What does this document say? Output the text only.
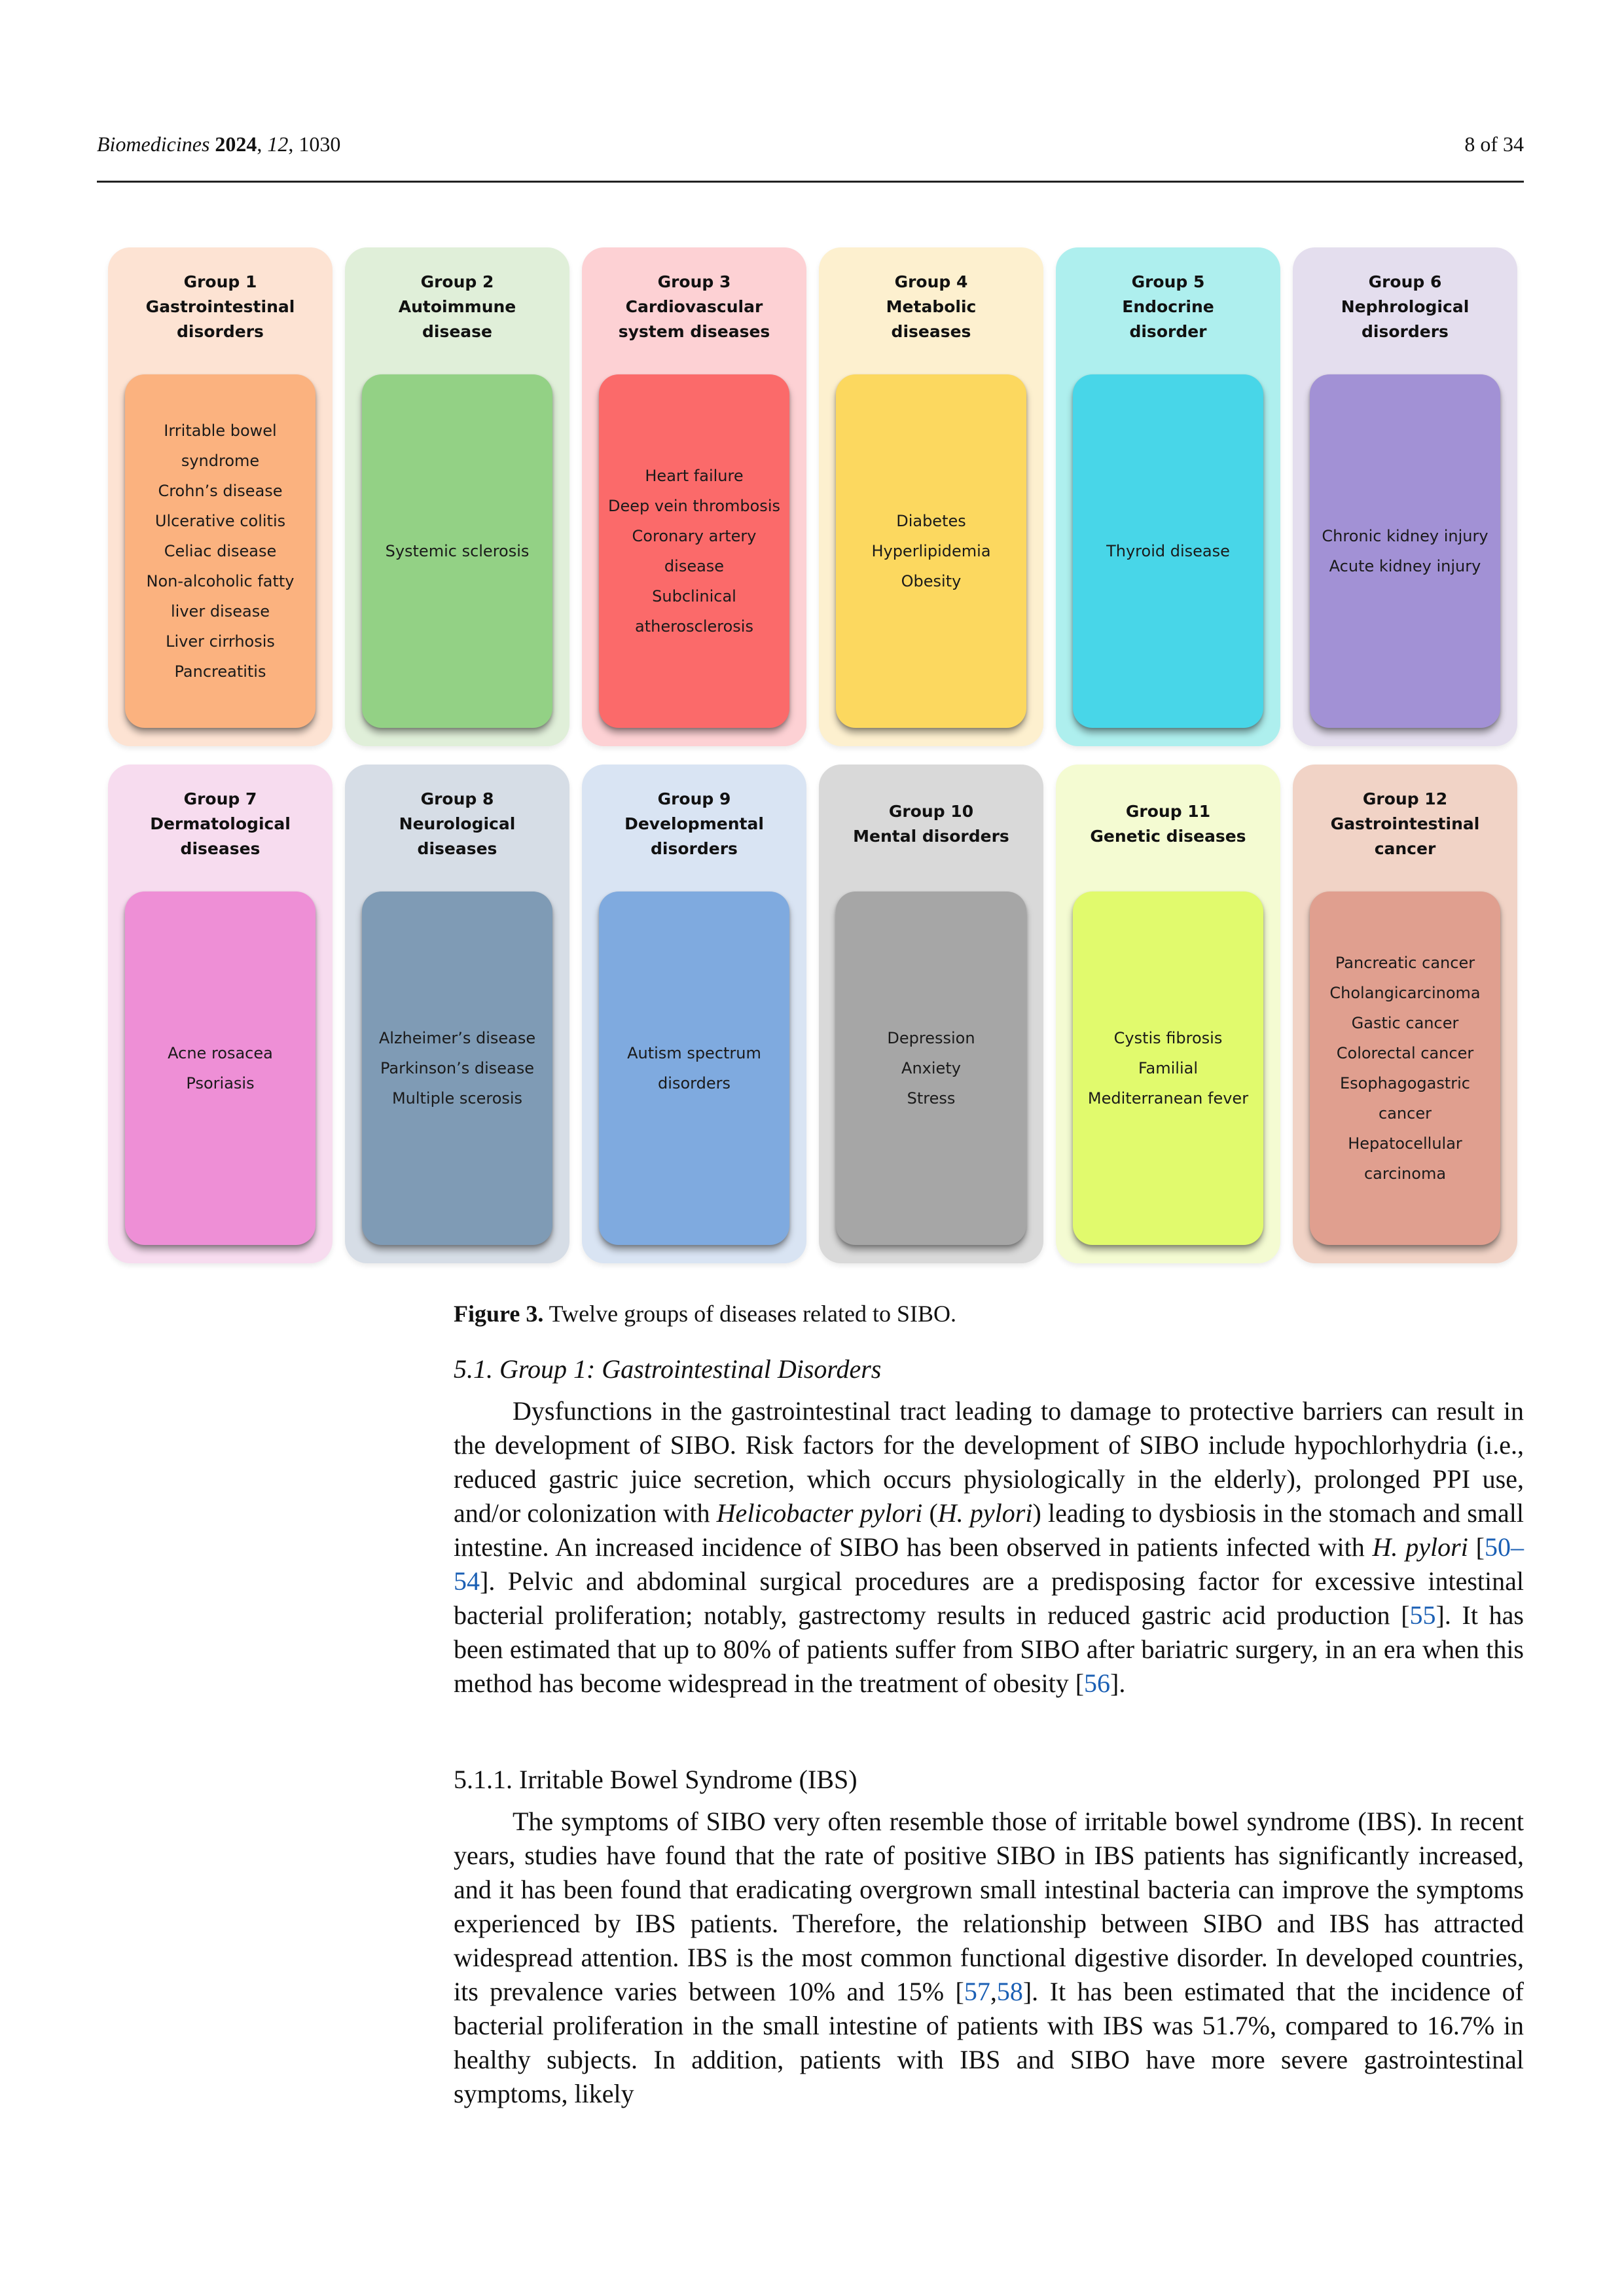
Biomedicines 2024, 12, 1030	8 of 34
Group 1
Gastrointestinal
disorders
Irritable bowel syndrome
Crohn’s disease
Ulcerative colitis
Celiac disease
Non-alcoholic fatty liver disease
Liver cirrhosis
Pancreatitis
Group 2
Autoimmune
disease
Systemic sclerosis
Group 3
Cardiovascular
system diseases
Heart failure
Deep vein thrombosis
Coronary artery disease
Subclinical atherosclerosis
Group 4
Metabolic
diseases
Diabetes
Hyperlipidemia
Obesity
Group 5
Endocrine
disorder
Thyroid disease
Group 6
Nephrological
disorders
Chronic kidney injury
Acute kidney injury
Group 7
Dermatological
diseases
Acne rosacea
Psoriasis
Group 8
Neurological
diseases
Alzheimer’s disease
Parkinson’s disease
Multiple scerosis
Group 9
Developmental
disorders
Autism spectrum disorders
Group 10
Mental disorders
Depression
Anxiety
Stress
Group 11
Genetic diseases
Cystis fibrosis
Familial Mediterranean fever
Group 12
Gastrointestinal
cancer
Pancreatic cancer
Cholangicarcinoma
Gastic cancer
Colorectal cancer
Esophagogastric cancer
Hepatocellular carcinoma
Figure 3. Twelve groups of diseases related to SIBO.
5.1. Group 1: Gastrointestinal Disorders

Dysfunctions in the gastrointestinal tract leading to damage to protective barriers can result in the development of SIBO. Risk factors for the development of SIBO include hypochlorhydria (i.e., reduced gastric juice secretion, which occurs physiologically in the elderly), prolonged PPI use, and/or colonization with Helicobacter pylori (H. pylori) leading to dysbiosis in the stomach and small intestine. An increased incidence of SIBO has been observed in patients infected with H. pylori [50–54]. Pelvic and abdominal surgical procedures are a predisposing factor for excessive intestinal bacterial proliferation; notably, gastrectomy results in reduced gastric acid production [55]. It has been estimated that up to 80% of patients suffer from SIBO after bariatric surgery, in an era when this method has become widespread in the treatment of obesity [56].

5.1.1. Irritable Bowel Syndrome (IBS)

The symptoms of SIBO very often resemble those of irritable bowel syndrome (IBS). In recent years, studies have found that the rate of positive SIBO in IBS patients has significantly increased, and it has been found that eradicating overgrown small intestinal bacteria can improve the symptoms experienced by IBS patients. Therefore, the relationship between SIBO and IBS has attracted widespread attention. IBS is the most common functional digestive disorder. In developed countries, its prevalence varies between 10% and 15% [57,58]. It has been estimated that the incidence of bacterial proliferation in the small intestine of patients with IBS was 51.7%, compared to 16.7% in healthy subjects. In addition, patients with IBS and SIBO have more severe gastrointestinal symptoms, likely
